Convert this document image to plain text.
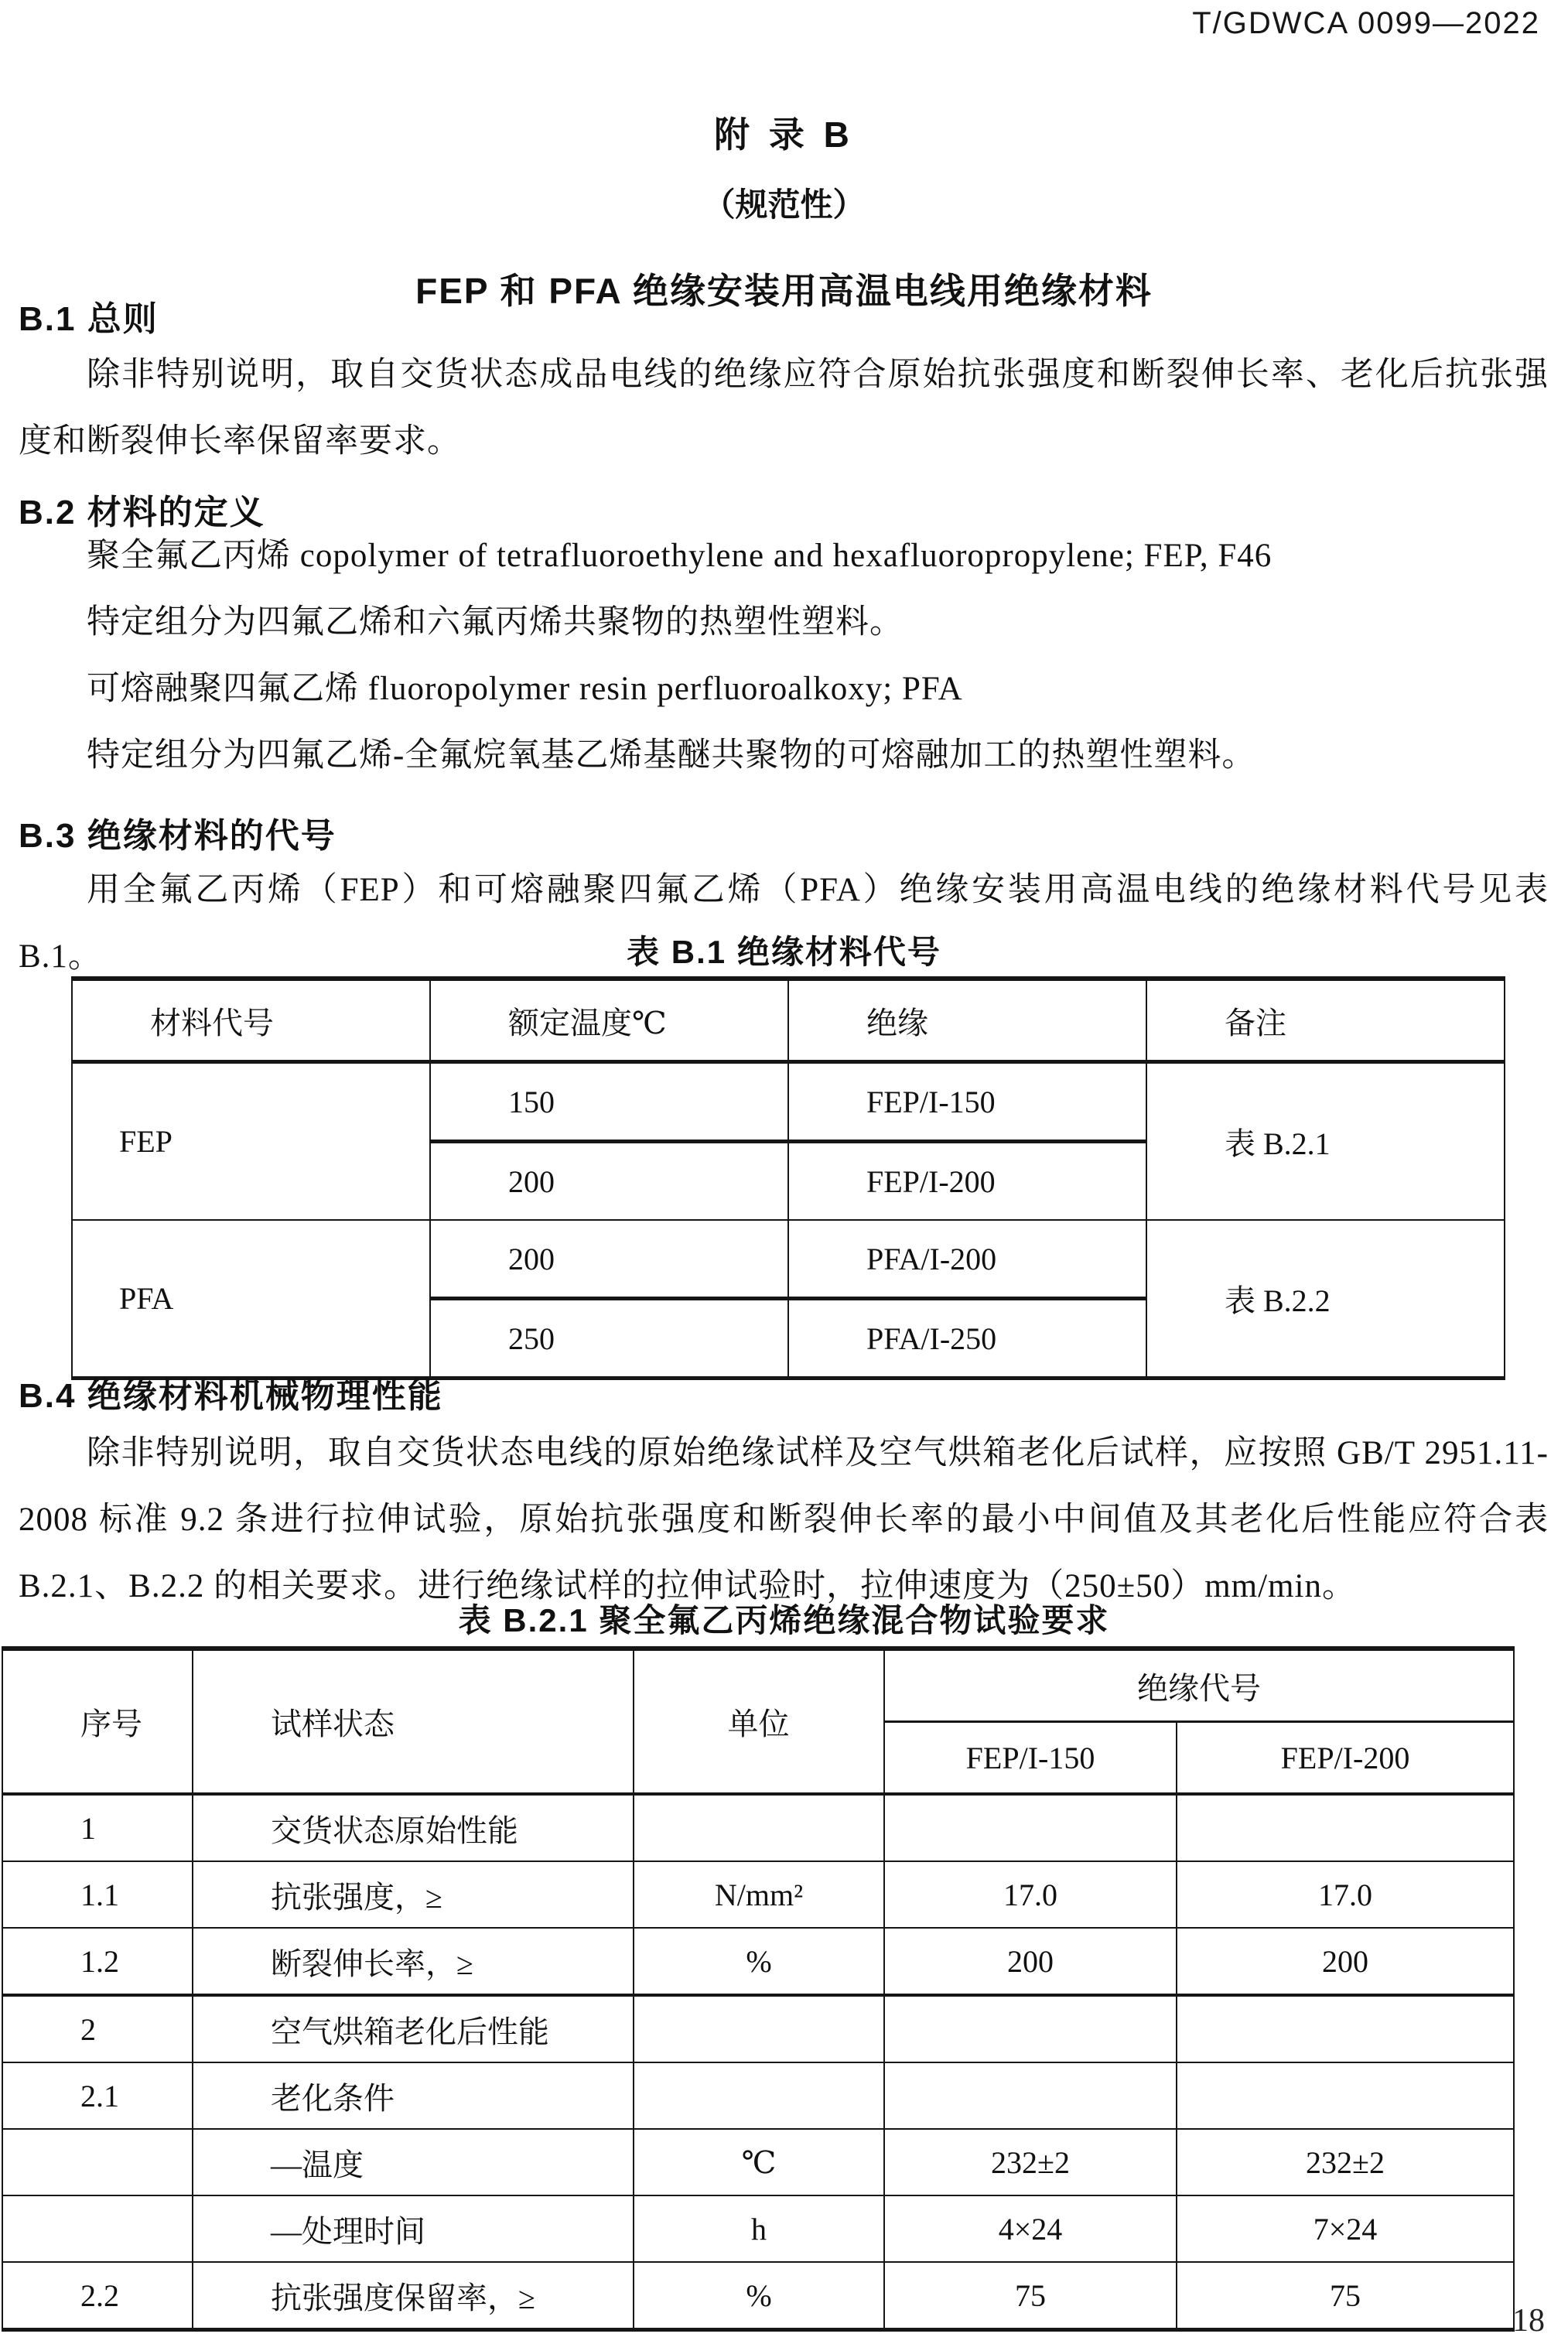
T/GDWCA 0099—2022
附 录 B
（规范性）
FEP 和 PFA 绝缘安装用高温电线用绝缘材料
B.1 总则
除非特别说明，取自交货状态成品电线的绝缘应符合原始抗张强度和断裂伸长率、老化后抗张强度和断裂伸长率保留率要求。
B.2 材料的定义

聚全氟乙丙烯 copolymer of tetrafluoroethylene and hexafluoropropylene; FEP, F46

特定组分为四氟乙烯和六氟丙烯共聚物的热塑性塑料。

可熔融聚四氟乙烯 fluoropolymer resin perfluoroalkoxy; PFA

特定组分为四氟乙烯-全氟烷氧基乙烯基醚共聚物的可熔融加工的热塑性塑料。

B.3 绝缘材料的代号
用全氟乙丙烯（FEP）和可熔融聚四氟乙烯（PFA）绝缘安装用高温电线的绝缘材料代号见表 B.1。	表 B.1 绝缘材料代号
材料代号	额定温度℃	绝缘	备注
FEP	150	FEP/I-150	表 B.2.1
	200	FEP/I-200	
PFA	200	PFA/I-200	表 B.2.2
	250	PFA/I-250	
B.4 绝缘材料机械物理性能
除非特别说明，取自交货状态电线的原始绝缘试样及空气烘箱老化后试样，应按照 GB/T 2951.11-2008 标准 9.2 条进行拉伸试验，原始抗张强度和断裂伸长率的最小中间值及其老化后性能应符合表 B.2.1、B.2.2 的相关要求。进行绝缘试样的拉伸试验时，拉伸速度为（250±50）mm/min。
表 B.2.1 聚全氟乙丙烯绝缘混合物试验要求
序号	试样状态	单位	绝缘代号	
			FEP/I-150	FEP/I-200
1	交货状态原始性能			
1.1	抗张强度，≥	N/mm²	17.0	17.0
1.2	断裂伸长率，≥	%	200	200
2	空气烘箱老化后性能			
2.1	老化条件			
	—温度	℃	232±2	232±2
	—处理时间	h	4×24	7×24
2.2	抗张强度保留率，≥	%	75	75
18
